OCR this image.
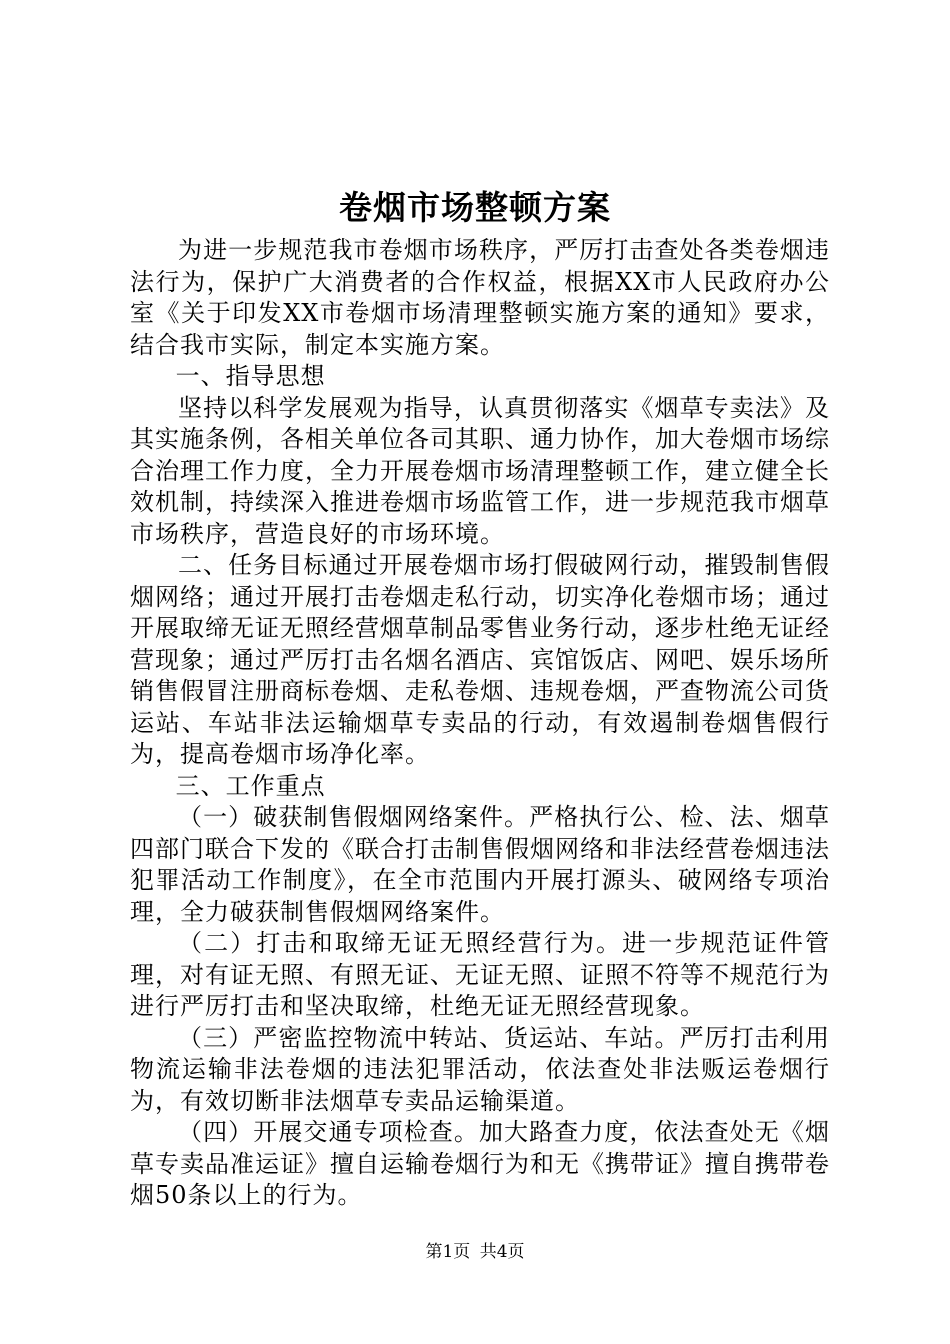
卷烟市场整顿方案

为进一步规范我市卷烟市场秩序，严厉打击查处各类卷烟违法行为，保护广大消费者的合作权益，根据XX市人民政府办公室《关于印发XX市卷烟市场清理整顿实施方案的通知》要求，结合我市实际，制定本实施方案。

一、指导思想

坚持以科学发展观为指导，认真贯彻落实《烟草专卖法》及其实施条例，各相关单位各司其职、通力协作，加大卷烟市场综合治理工作力度，全力开展卷烟市场清理整顿工作，建立健全长效机制，持续深入推进卷烟市场监管工作，进一步规范我市烟草市场秩序，营造良好的市场环境。

二、任务目标通过开展卷烟市场打假破网行动，摧毁制售假烟网络；通过开展打击卷烟走私行动，切实净化卷烟市场；通过开展取缔无证无照经营烟草制品零售业务行动，逐步杜绝无证经营现象；通过严厉打击名烟名酒店、宾馆饭店、网吧、娱乐场所销售假冒注册商标卷烟、走私卷烟、违规卷烟，严查物流公司货运站、车站非法运输烟草专卖品的行动，有效遏制卷烟售假行为，提高卷烟市场净化率。

三、工作重点

（一）破获制售假烟网络案件。严格执行公、检、法、烟草四部门联合下发的《联合打击制售假烟网络和非法经营卷烟违法犯罪活动工作制度》，在全市范围内开展打源头、破网络专项治理，全力破获制售假烟网络案件。

（二）打击和取缔无证无照经营行为。进一步规范证件管理，对有证无照、有照无证、无证无照、证照不符等不规范行为进行严厉打击和坚决取缔，杜绝无证无照经营现象。

（三）严密监控物流中转站、货运站、车站。严厉打击利用物流运输非法卷烟的违法犯罪活动，依法查处非法贩运卷烟行为，有效切断非法烟草专卖品运输渠道。

（四）开展交通专项检查。加大路查力度，依法查处无《烟草专卖品准运证》擅自运输卷烟行为和无《携带证》擅自携带卷烟50条以上的行为。

第1页 共4页
